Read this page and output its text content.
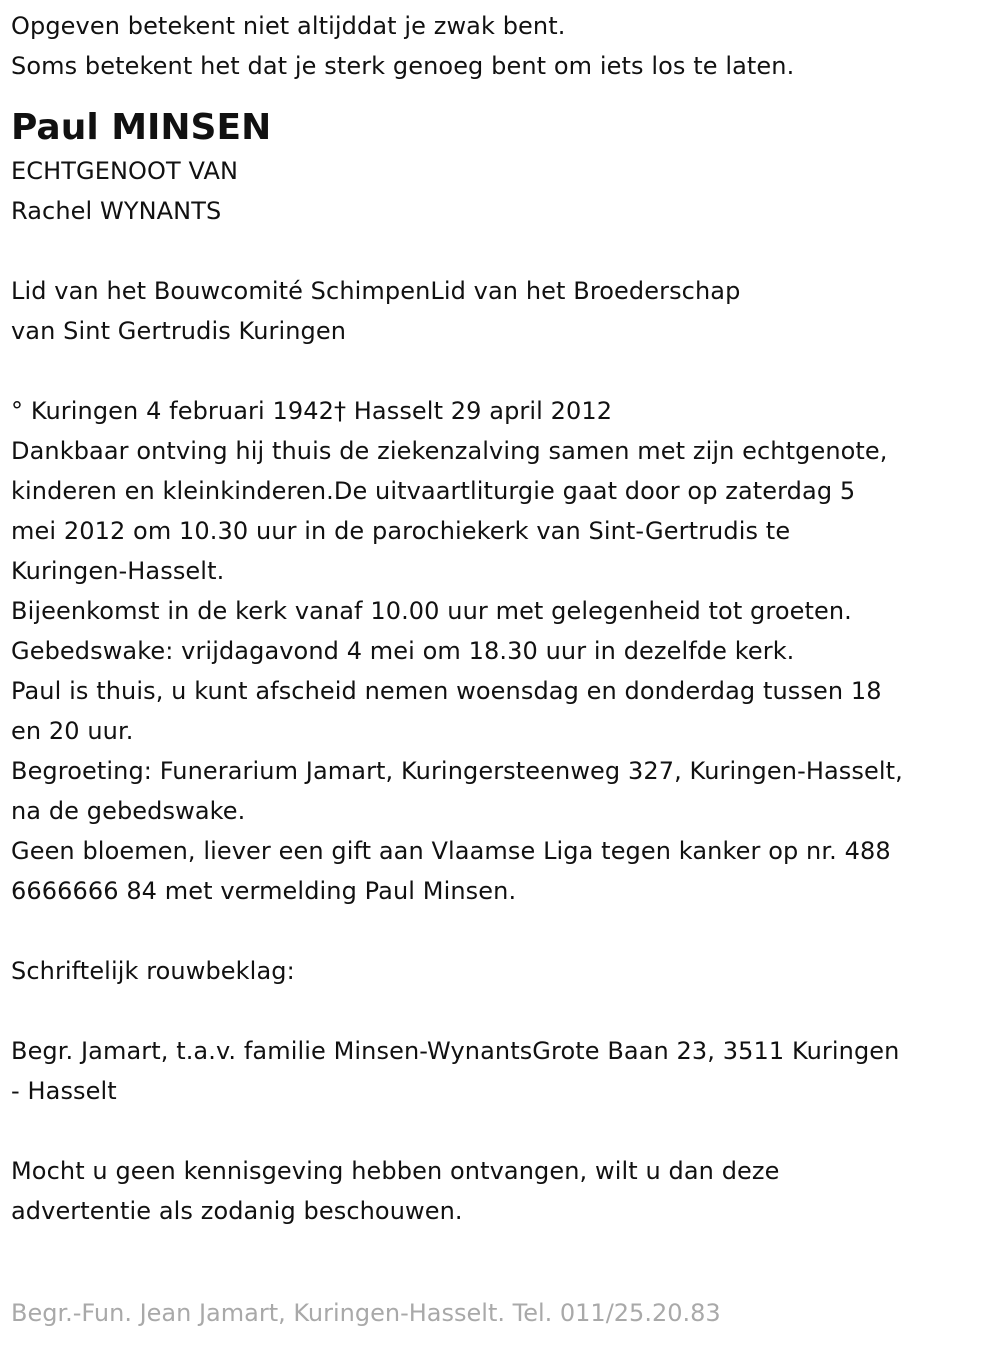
Opgeven betekent niet altijddat je zwak bent.
Soms betekent het dat je sterk genoeg bent om iets los te laten.
Paul MINSEN
ECHTGENOOT VAN
Rachel WYNANTS
Lid van het Bouwcomité SchimpenLid van het Broederschap
van Sint Gertrudis Kuringen
° Kuringen 4 februari 1942† Hasselt 29 april 2012
Dankbaar ontving hij thuis de ziekenzalving samen met zijn echtgenote,
kinderen en kleinkinderen.De uitvaartliturgie gaat door op zaterdag 5
mei 2012 om 10.30 uur in de parochiekerk van Sint-Gertrudis te
Kuringen-Hasselt.
Bijeenkomst in de kerk vanaf 10.00 uur met gelegenheid tot groeten.
Gebedswake: vrijdagavond 4 mei om 18.30 uur in dezelfde kerk.
Paul is thuis, u kunt afscheid nemen woensdag en donderdag tussen 18
en 20 uur.
Begroeting: Funerarium Jamart, Kuringersteenweg 327, Kuringen-Hasselt,
na de gebedswake.
Geen bloemen, liever een gift aan Vlaamse Liga tegen kanker op nr. 488
6666666 84 met vermelding Paul Minsen.
Schriftelijk rouwbeklag:
Begr. Jamart, t.a.v. familie Minsen-WynantsGrote Baan 23, 3511 Kuringen
- Hasselt
Mocht u geen kennisgeving hebben ontvangen, wilt u dan deze
advertentie als zodanig beschouwen.
Begr.-Fun. Jean Jamart, Kuringen-Hasselt. Tel. 011/25.20.83
